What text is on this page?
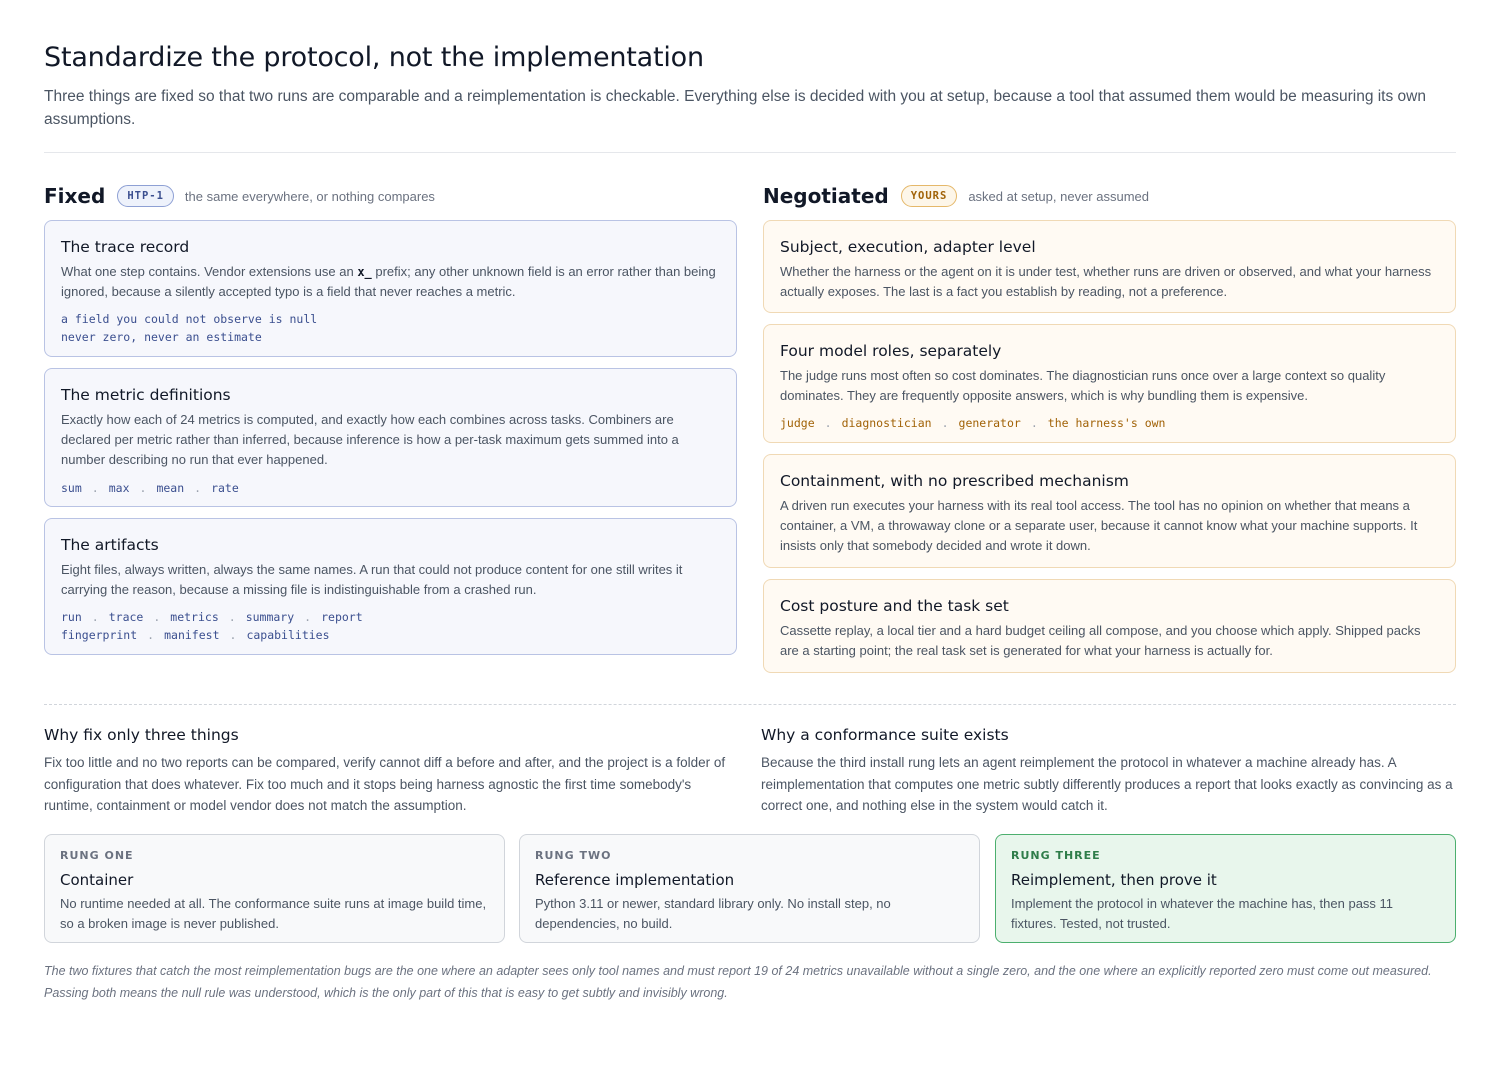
Standardize the protocol, not the implementation

Three things are fixed so that two runs are comparable and a reimplementation is checkable. Everything else is decided with you at setup, because a tool that assumed them would be measuring its own assumptions.

Fixed	HTP-1	the same everywhere, or nothing compares
The trace record
What one step contains. Vendor extensions use an x_ prefix; any other unknown field is an error rather than being ignored, because a silently accepted typo is a field that never reaches a metric.
a field you could not observe is null
never zero, never an estimate
The metric definitions
Exactly how each of 24 metrics is computed, and exactly how each combines across tasks. Combiners are declared per metric rather than inferred, because inference is how a per-task maximum gets summed into a number describing no run that ever happened.
sum . max . mean . rate
The artifacts
Eight files, always written, always the same names. A run that could not produce content for one still writes it carrying the reason, because a missing file is indistinguishable from a crashed run.
run . trace . metrics . summary . report
fingerprint . manifest . capabilities
Negotiated	YOURS	asked at setup, never assumed
Subject, execution, adapter level
Whether the harness or the agent on it is under test, whether runs are driven or observed, and what your harness actually exposes. The last is a fact you establish by reading, not a preference.
Four model roles, separately
The judge runs most often so cost dominates. The diagnostician runs once over a large context so quality dominates. They are frequently opposite answers, which is why bundling them is expensive.
judge . diagnostician . generator . the harness's own
Containment, with no prescribed mechanism
A driven run executes your harness with its real tool access. The tool has no opinion on whether that means a container, a VM, a throwaway clone or a separate user, because it cannot know what your machine supports. It insists only that somebody decided and wrote it down.
Cost posture and the task set
Cassette replay, a local tier and a hard budget ceiling all compose, and you choose which apply. Shipped packs are a starting point; the real task set is generated for what your harness is actually for.
Why fix only three things
Fix too little and no two reports can be compared, verify cannot diff a before and after, and the project is a folder of configuration that does whatever. Fix too much and it stops being harness agnostic the first time somebody's runtime, containment or model vendor does not match the assumption.
Why a conformance suite exists
Because the third install rung lets an agent reimplement the protocol in whatever a machine already has. A reimplementation that computes one metric subtly differently produces a report that looks exactly as convincing as a correct one, and nothing else in the system would catch it.
RUNG ONE
Container
No runtime needed at all. The conformance suite runs at image build time, so a broken image is never published.
RUNG TWO
Reference implementation
Python 3.11 or newer, standard library only. No install step, no dependencies, no build.
RUNG THREE
Reimplement, then prove it
Implement the protocol in whatever the machine has, then pass 11 fixtures. Tested, not trusted.

The two fixtures that catch the most reimplementation bugs are the one where an adapter sees only tool names and must report 19 of 24 metrics unavailable without a single zero, and the one where an explicitly reported zero must come out measured. Passing both means the null rule was understood, which is the only part of this that is easy to get subtly and invisibly wrong.
